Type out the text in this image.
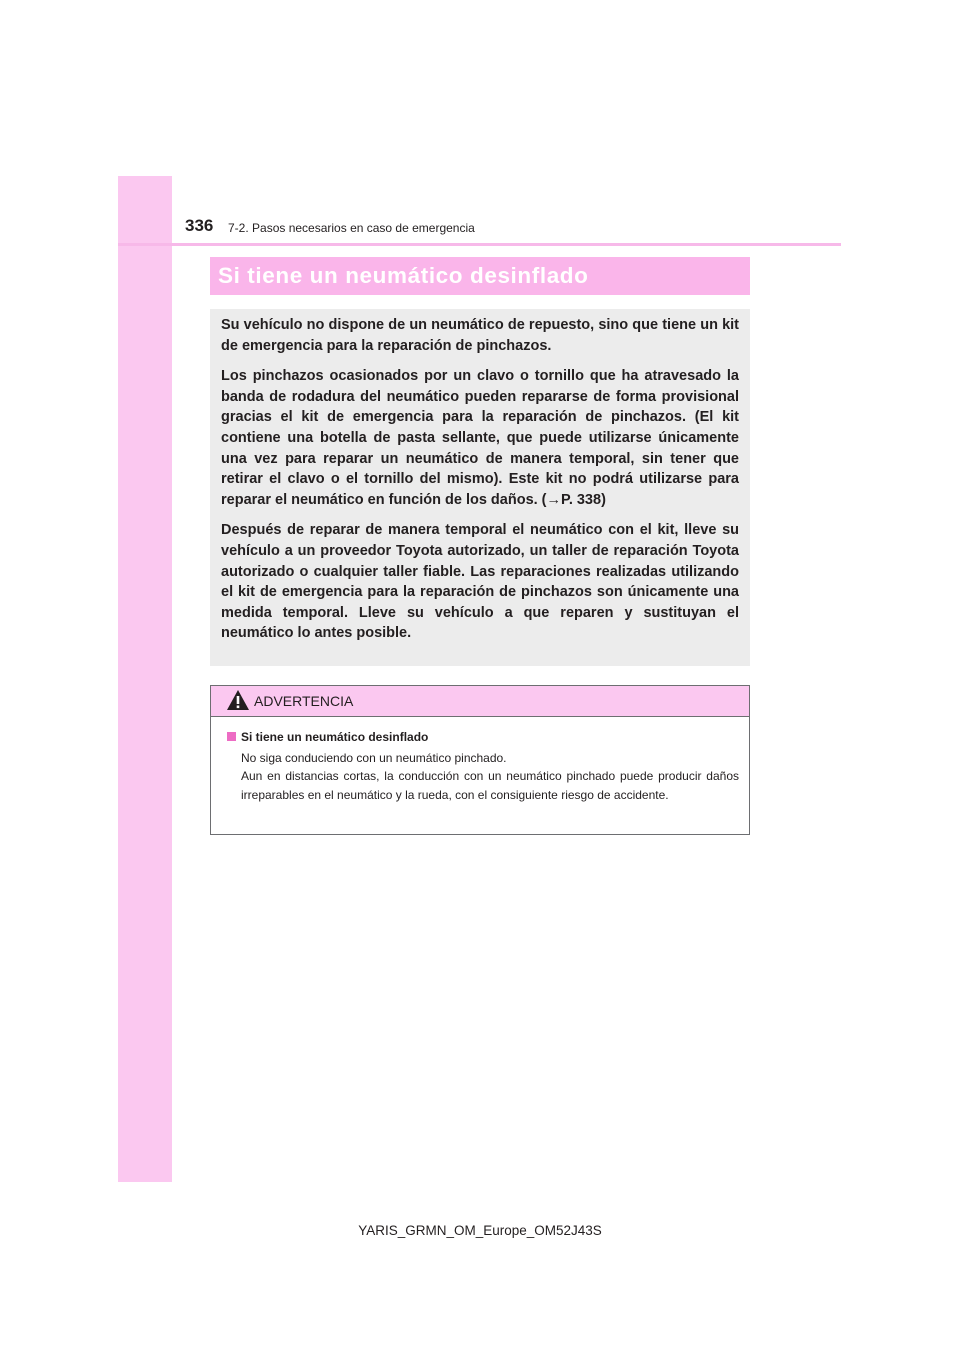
336 7-2. Pasos necesarios en caso de emergencia
Si tiene un neumático desinflado

Su vehículo no dispone de un neumático de repuesto, sino que tiene un kit de emergencia para la reparación de pinchazos.

Los pinchazos ocasionados por un clavo o tornillo que ha atravesado la banda de rodadura del neumático pueden repararse de forma provisional gracias el kit de emergencia para la reparación de pinchazos. (El kit contiene una botella de pasta sellante, que puede utilizarse únicamente una vez para reparar un neumático de manera temporal, sin tener que retirar el clavo o el tornillo del mismo). Este kit no podrá utilizarse para reparar el neumático en función de los daños. (→P. 338)

Después de reparar de manera temporal el neumático con el kit, lleve su vehículo a un proveedor Toyota autorizado, un taller de reparación Toyota autorizado o cualquier taller fiable. Las reparaciones realizadas utilizando el kit de emergencia para la reparación de pinchazos son únicamente una medida temporal. Lleve su vehículo a que reparen y sustituyan el neumático lo antes posible.

ADVERTENCIA
Si tiene un neumático desinflado
No siga conduciendo con un neumático pinchado.
Aun en distancias cortas, la conducción con un neumático pinchado puede producir daños irreparables en el neumático y la rueda, con el consiguiente riesgo de accidente.
YARIS_GRMN_OM_Europe_OM52J43S
